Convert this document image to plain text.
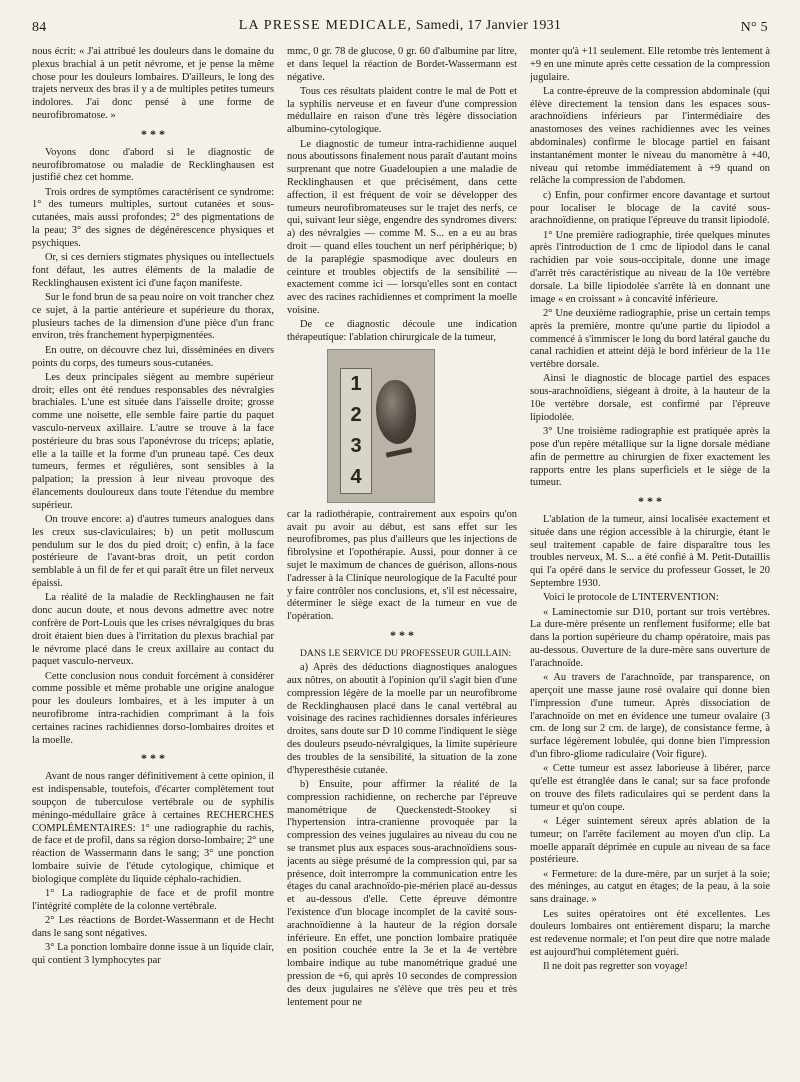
84	LA PRESSE MEDICALE, Samedi, 17 Janvier 1931	N° 5

nous écrit: « J'ai attribué les douleurs dans le domaine du plexus brachial à un petit névrome, et je pense la même chose pour les douleurs lombaires. D'ailleurs, le long des trajets nerveux des bras il y a de multiples petites tumeurs indolores. J'ai donc pensé à une forme de neurofibromatose. »

* * *

Voyons donc d'abord si le diagnostic de neurofibromatose ou maladie de Recklinghausen est justifié chez cet homme.

Trois ordres de symptômes caractérisent ce syndrome: 1° des tumeurs multiples, surtout cutanées et sous-cutanées, mais aussi profondes; 2° des pigmentations de la peau; 3° des signes de dégénérescence physiques et psychiques.

Or, si ces derniers stigmates physiques ou intellectuels font défaut, les autres éléments de la maladie de Recklinghausen existent ici d'une façon manifeste.

Sur le fond brun de sa peau noire on voit trancher chez ce sujet, à la partie antérieure et supérieure du thorax, plusieurs taches de la dimension d'une pièce d'un franc environ, très franchement hyperpigmentées.

En outre, on découvre chez lui, disséminées en divers points du corps, des tumeurs sous-cutanées.

Les deux principales siègent au membre supérieur droit; elles ont été rendues responsables des névralgies brachiales. L'une est située dans l'aisselle droite; grosse comme une noisette, elle semble faire partie du paquet vasculo-nerveux axillaire. L'autre se trouve à la face postérieure du bras sous l'aponévrose du triceps; aplatie, elle a la taille et la forme d'un pruneau tapé. Ces deux tumeurs, fermes et régulières, sont sensibles à la palpation; la pression à leur niveau provoque des élancements douloureux dans toute l'étendue du membre supérieur.

On trouve encore: a) d'autres tumeurs analogues dans les creux sus-claviculaires; b) un petit molluscum pendulum sur le dos du pied droit; c) enfin, à la face postérieure de l'avant-bras droit, un petit cordon semblable à un fil de fer et qui paraît être un filet nerveux épaissi.

La réalité de la maladie de Recklinghausen ne fait donc aucun doute, et nous devons admettre avec notre confrère de Port-Louis que les crises névralgiques du bras droit étaient bien dues à l'irritation du plexus brachial par le névrome placé dans le creux axillaire au contact du paquet vasculo-nerveux.

Cette conclusion nous conduit forcément à considérer comme possible et même probable une origine analogue pour les douleurs lombaires, et à les imputer à un neurofibrome intra-rachidien comprimant à la fois certaines racines rachidiennes dorso-lombaires droites et la moelle.

* * *

Avant de nous ranger définitivement à cette opinion, il est indispensable, toutefois, d'écarter complètement tout soupçon de tuberculose vertébrale ou de syphilis méningo-médullaire grâce à certaines RECHERCHES COMPLÉMENTAIRES: 1° une radiographie du rachis, de face et de profil, dans sa région dorso-lombaire; 2° une réaction de Wassermann dans le sang; 3° une ponction lombaire suivie de l'étude cytologique, chimique et biologique complète du liquide céphalo-rachidien.

1° La radiographie de face et de profil montre l'intégrité complète de la colonne vertébrale.

2° Les réactions de Bordet-Wassermann et de Hecht dans le sang sont négatives.

3° La ponction lombaire donne issue à un liquide clair, qui contient 3 lymphocytes par

mmc, 0 gr. 78 de glucose, 0 gr. 60 d'albumine par litre, et dans lequel la réaction de Bordet-Wassermann est négative.

Tous ces résultats plaident contre le mal de Pott et la syphilis nerveuse et en faveur d'une compression médullaire en raison d'une très légère dissociation albumino-cytologique.

Le diagnostic de tumeur intra-rachidienne auquel nous aboutissons finalement nous paraît d'autant moins surprenant que notre Guadeloupien a une maladie de Recklinghausen et que précisément, dans cette affection, il est fréquent de voir se développer des tumeurs neurofibromateuses sur le trajet des nerfs, ce qui, suivant leur siège, engendre des syndromes divers: a) des névralgies — comme M. S... en a eu au bras droit — quand elles touchent un nerf périphérique; b) de la paraplégie spasmodique avec douleurs en ceinture et troubles objectifs de la sensibilité — exactement comme ici — lorsqu'elles sont en contact avec des racines rachidiennes et compriment la moelle voisine.

De ce diagnostic découle une indication thérapeutique: l'ablation chirurgicale de la tumeur,

1
2
3
4

car la radiothérapie, contrairement aux espoirs qu'on avait pu avoir au début, est sans effet sur les neurofibromes, pas plus d'ailleurs que les injections de fibrolysine et l'opothérapie. Aussi, pour donner à ce sujet le maximum de chances de guérison, allons-nous l'adresser à la Clinique neurologique de la Faculté pour y faire contrôler nos conclusions, et, s'il est nécessaire, déterminer le siège exact de la tumeur en vue de l'opération.

* * *

DANS LE SERVICE DU PROFESSEUR GUILLAIN:

a) Après des déductions diagnostiques analogues aux nôtres, on aboutit à l'opinion qu'il s'agit bien d'une compression légère de la moelle par un neurofibrome de Recklinghausen placé dans le canal vertébral au voisinage des racines rachidiennes dorsales inférieures droites, sans doute sur D 10 comme l'indiquent le siège des douleurs pseudo-névralgiques, la limite supérieure des troubles de la sensibilité, la situation de la zone d'hyperesthésie cutanée.

b) Ensuite, pour affirmer la réalité de la compression rachidienne, on recherche par l'épreuve manométrique de Queckenstedt-Stookey si l'hypertension intra-cranienne provoquée par la compression des veines jugulaires au niveau du cou ne se transmet plus aux espaces sous-arachnoïdiens sous-jacents au siège présumé de la compression qui, par sa présence, doit interrompre la communication entre les étages du canal arachnoïdo-pie-mérien placé au-dessus et au-dessous d'elle. Cette épreuve démontre l'existence d'un blocage incomplet de la cavité sous-arachnoïdienne à la hauteur de la région dorsale inférieure. En effet, une ponction lombaire pratiquée en position couchée entre la 3e et la 4e vertèbre lombaire indique au tube manométrique gradué une pression de +6, qui après 10 secondes de compression des deux jugulaires ne s'élève que très peu et très lentement pour ne

monter qu'à +11 seulement. Elle retombe très lentement à +9 en une minute après cette cessation de la compression jugulaire.

La contre-épreuve de la compression abdominale (qui élève directement la tension dans les espaces sous-arachnoïdiens inférieurs par l'intermédiaire des anastomoses des veines rachidiennes avec les veines abdominales) confirme le blocage partiel en faisant instantanément monter le niveau du manomètre à +40, niveau qui retombe immédiatement à +9 quand on relâche la compression de l'abdomen.

c) Enfin, pour confirmer encore davantage et surtout pour localiser le blocage de la cavité sous-arachnoïdienne, on pratique l'épreuve du transit lipiodolé.

1° Une première radiographie, tirée quelques minutes après l'introduction de 1 cmc de lipiodol dans le canal rachidien par voie sous-occipitale, donne une image d'arrêt très caractéristique au niveau de la 10e vertèbre dorsale. La bille lipiodolée s'arrête là en donnant une image « en croissant » à concavité inférieure.

2° Une deuxième radiographie, prise un certain temps après la première, montre qu'une partie du lipiodol a commencé à s'immiscer le long du bord latéral gauche du canal rachidien et atteint déjà le bord inférieur de la 11e vertèbre dorsale.

Ainsi le diagnostic de blocage partiel des espaces sous-arachnoïdiens, siégeant à droite, à la hauteur de la 10e vertèbre dorsale, est confirmé par l'épreuve lipiodolée.

3° Une troisième radiographie est pratiquée après la pose d'un repère métallique sur la ligne dorsale médiane afin de permettre au chirurgien de fixer exactement les rapports entre les plans superficiels et le siège de la tumeur.

* * *

L'ablation de la tumeur, ainsi localisée exactement et située dans une région accessible à la chirurgie, étant le seul traitement capable de faire disparaître tous les troubles nerveux, M. S... a été confié à M. Petit-Dutaillis qui l'a opéré dans le service du professeur Gosset, le 20 Septembre 1930.

Voici le protocole de L'INTERVENTION:

« Laminectomie sur D10, portant sur trois vertèbres. La dure-mère présente un renflement fusiforme; elle bat dans la portion supérieure du champ opératoire, mais pas au-dessous. Ouverture de la dure-mère sans ouverture de l'arachnoïde.

« Au travers de l'arachnoïde, par transparence, on aperçoit une masse jaune rosé ovalaire qui donne bien l'impression d'une tumeur. Après dissociation de l'arachnoïde on met en évidence une tumeur ovalaire (3 cm. de long sur 2 cm. de large), de consistance ferme, à surface légèrement lobulée, qui donne bien l'impression d'un fibro-gliome radiculaire (Voir figure).

« Cette tumeur est assez laborieuse à libérer, parce qu'elle est étranglée dans le canal; sur sa face profonde on trouve des filets radiculaires qui se perdent dans la tumeur et qu'on coupe.

« Léger suintement séreux après ablation de la tumeur; on l'arrête facilement au moyen d'un clip. La moelle apparaît déprimée en cupule au niveau de sa face postérieure.

« Fermeture: de la dure-mère, par un surjet à la soie; des méninges, au catgut en étages; de la peau, à la soie sans drainage. »

Les suites opératoires ont été excellentes. Les douleurs lombaires ont entièrement disparu; la marche est redevenue normale; et l'on peut dire que notre malade est aujourd'hui complètement guéri.

Il ne doit pas regretter son voyage!
